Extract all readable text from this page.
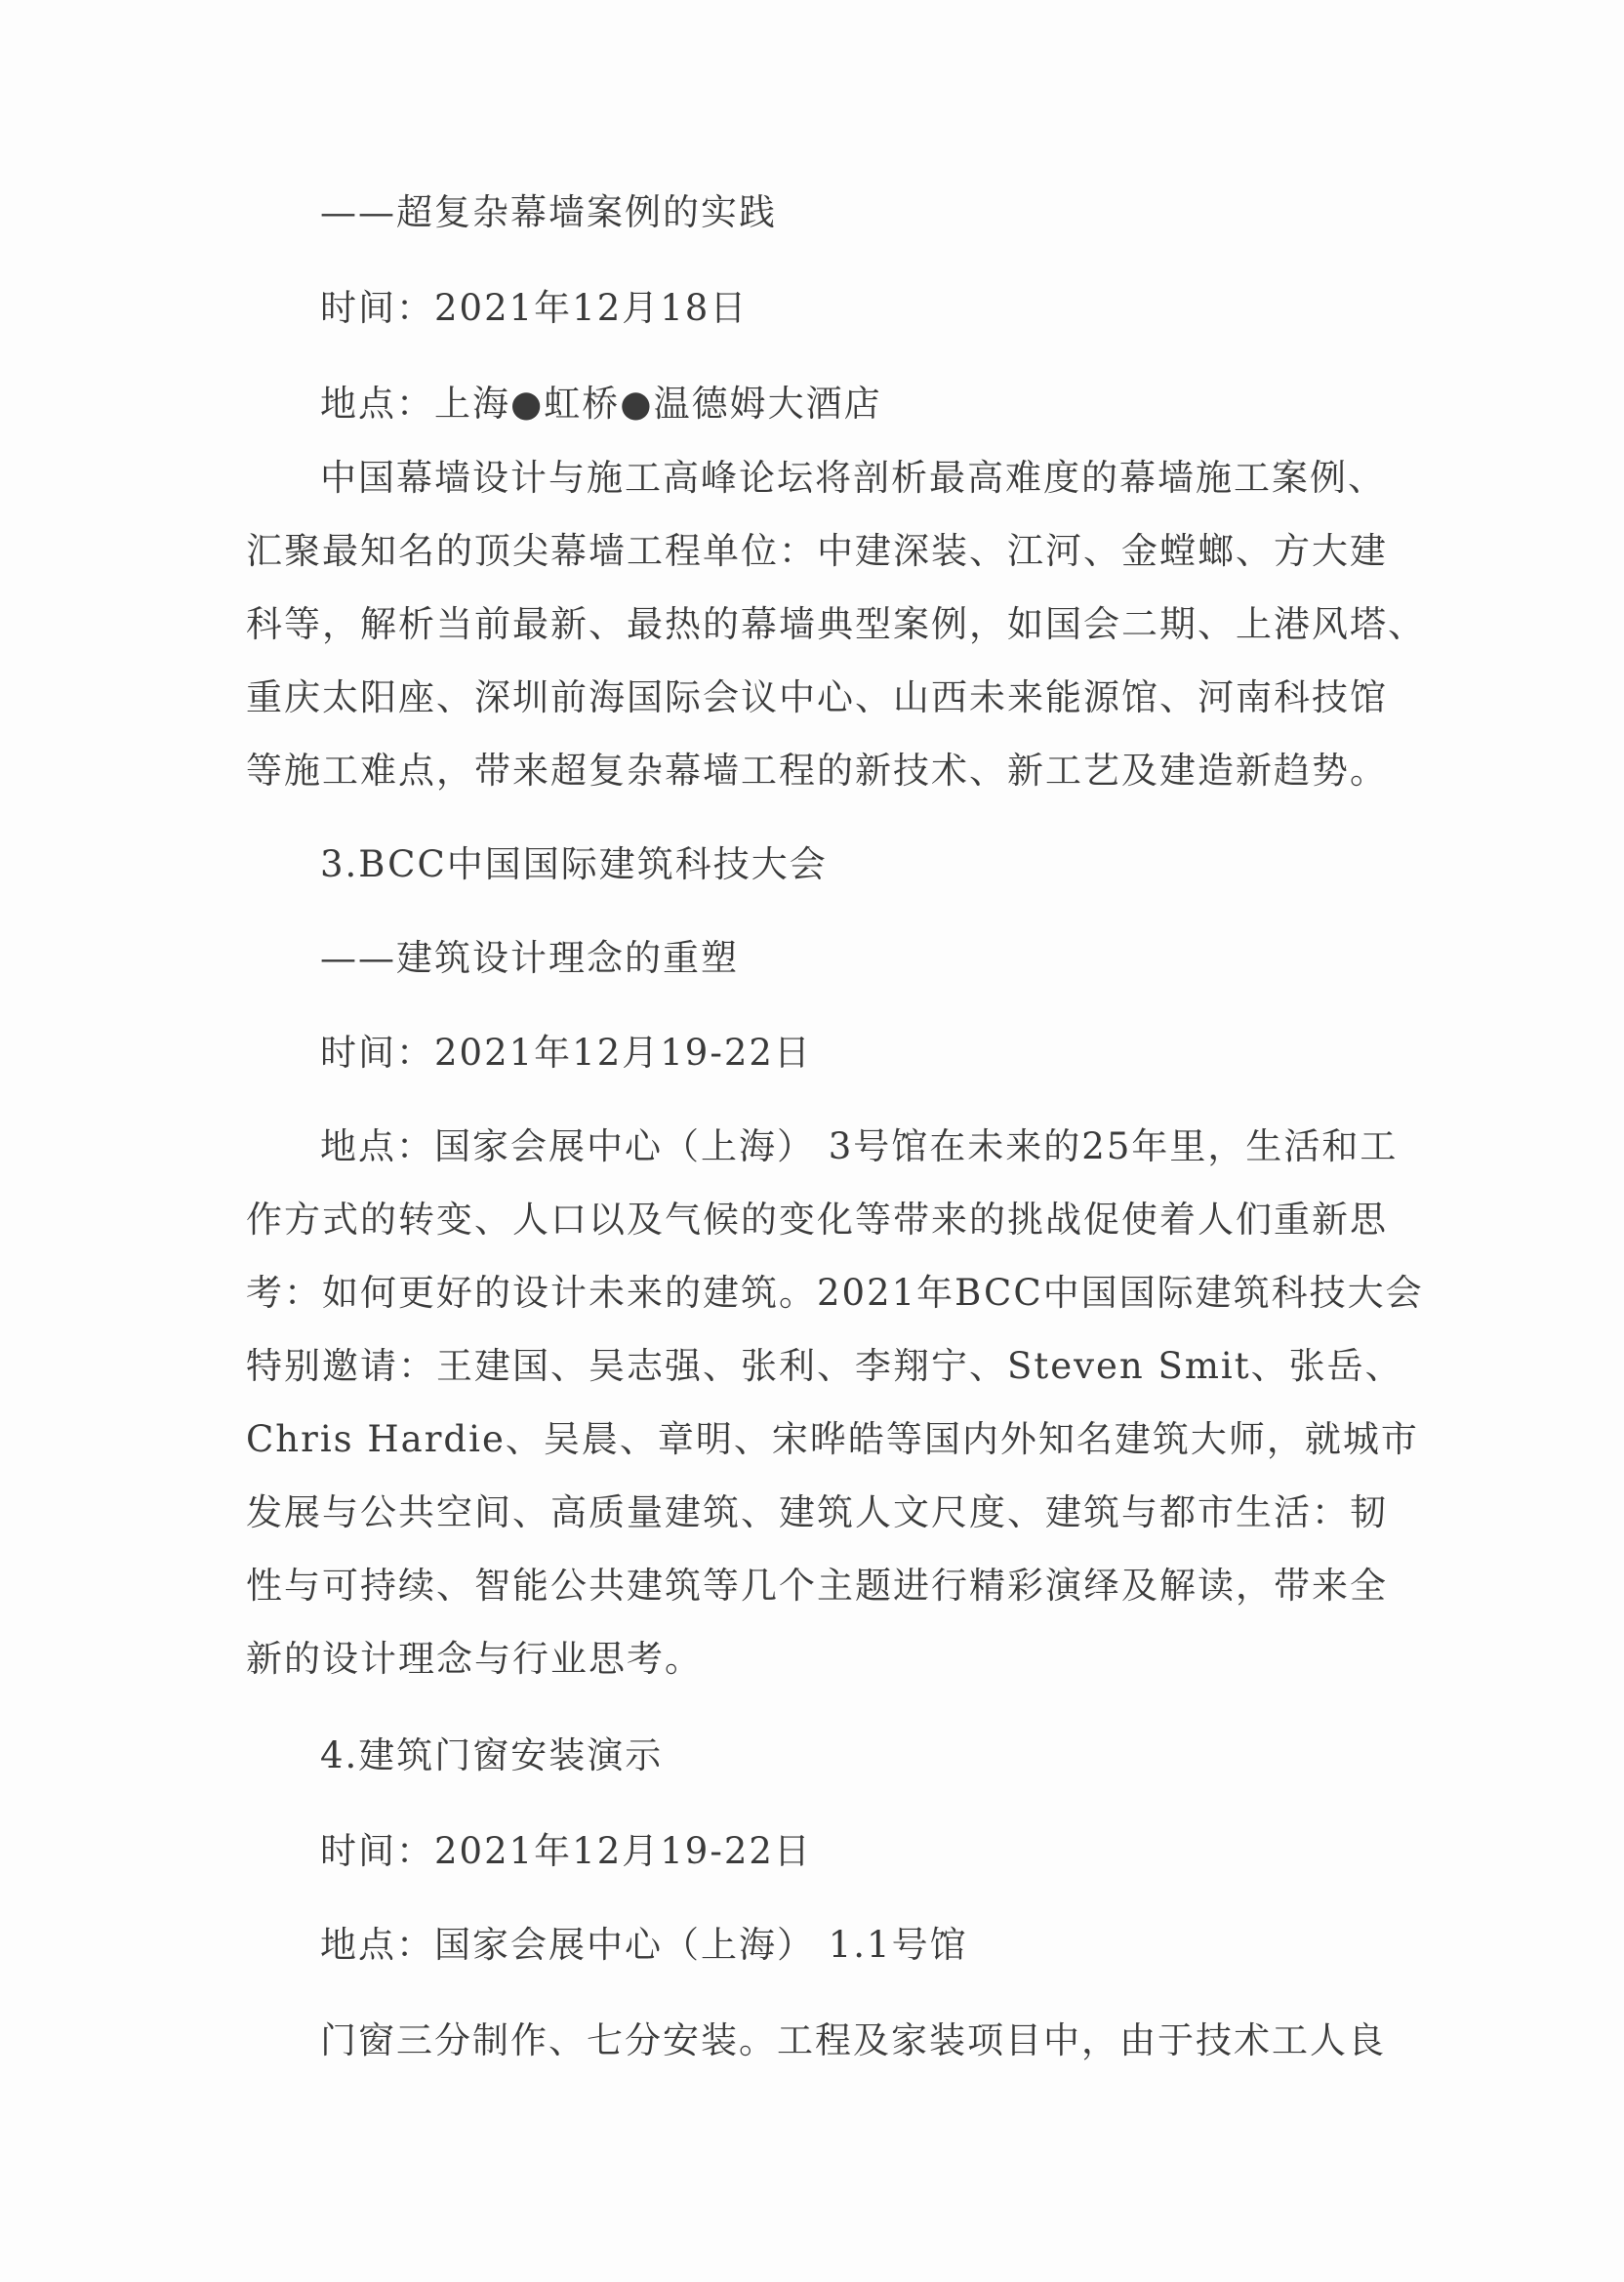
——超复杂幕墙案例的实践
时间：2021年12月18日
地点：上海●虹桥●温德姆大酒店
中国幕墙设计与施工高峰论坛将剖析最高难度的幕墙施工案例、
汇聚最知名的顶尖幕墙工程单位：中建深装、江河、金螳螂、方大建
科等，解析当前最新、最热的幕墙典型案例，如国会二期、上港风塔、
重庆太阳座、深圳前海国际会议中心、山西未来能源馆、河南科技馆
等施工难点，带来超复杂幕墙工程的新技术、新工艺及建造新趋势。
3.BCC中国国际建筑科技大会
——建筑设计理念的重塑
时间：2021年12月19-22日
地点：国家会展中心（上海） 3号馆在未来的25年里，生活和工
作方式的转变、人口以及气候的变化等带来的挑战促使着人们重新思
考：如何更好的设计未来的建筑。2021年BCC中国国际建筑科技大会
特别邀请：王建国、吴志强、张利、李翔宁、Steven Smit、张岳、
Chris Hardie、吴晨、章明、宋晔皓等国内外知名建筑大师，就城市
发展与公共空间、高质量建筑、建筑人文尺度、建筑与都市生活：韧
性与可持续、智能公共建筑等几个主题进行精彩演绎及解读，带来全
新的设计理念与行业思考。
4.建筑门窗安装演示
时间：2021年12月19-22日
地点：国家会展中心（上海） 1.1号馆
门窗三分制作、七分安装。工程及家装项目中，由于技术工人良
